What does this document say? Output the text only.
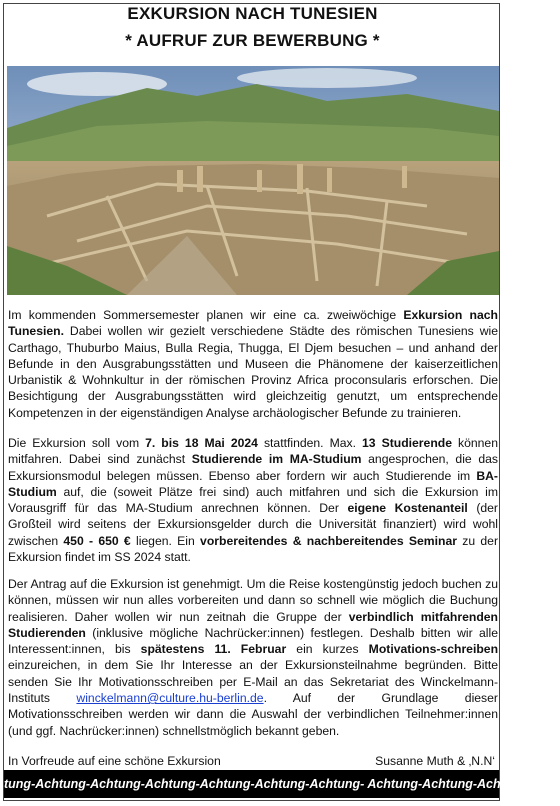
EXKURSION NACH TUNESIEN
* AUFRUF ZUR BEWERBUNG *

Im kommenden Sommersemester planen wir eine ca. zweiwöchige Exkursion nach Tunesien. Dabei wollen wir gezielt verschiedene Städte des römischen Tunesiens wie Carthago, Thuburbo Maius, Bulla Regia, Thugga, El Djem besuchen – und anhand der Befunde in den Ausgrabungsstätten und Museen die Phänomene der kaiserzeitlichen Urbanistik & Wohnkultur in der römischen Provinz Africa proconsularis erforschen. Die Besichtigung der Ausgrabungsstätten wird gleichzeitig genutzt, um entsprechende Kompetenzen in der eigenständigen Analyse archäologischer Befunde zu trainieren.

Die Exkursion soll vom 7. bis 18 Mai 2024 stattfinden. Max. 13 Studierende können mitfahren. Dabei sind zunächst Studierende im MA-Studium angesprochen, die das Exkursionsmodul belegen müssen. Ebenso aber fordern wir auch Studierende im BA-Studium auf, die (soweit Plätze frei sind) auch mitfahren und sich die Exkursion im Vorausgriff für das MA-Studium anrechnen können. Der eigene Kostenanteil (der Großteil wird seitens der Exkursionsgelder durch die Universität finanziert) wird wohl zwischen 450 - 650 € liegen. Ein vorbereitendes & nachbereitendes Seminar zu der Exkursion findet im SS 2024 statt.

Der Antrag auf die Exkursion ist genehmigt. Um die Reise kostengünstig jedoch buchen zu können, müssen wir nun alles vorbereiten und dann so schnell wie möglich die Buchung realisieren. Daher wollen wir nun zeitnah die Gruppe der verbindlich mitfahrenden Studierenden (inklusive mögliche Nachrücker:innen) festlegen. Deshalb bitten wir alle Interessent:innen, bis spätestens 11. Februar ein kurzes Motivations-schreiben einzureichen, in dem Sie Ihr Interesse an der Exkursionsteilnahme begründen. Bitte senden Sie Ihr Motivationsschreiben per E-Mail an das Sekretariat des Winckelmann-Instituts winckelmann@culture.hu-berlin.de. Auf der Grundlage dieser Motivationsschreiben werden wir dann die Auswahl der verbindlichen Teilnehmer:innen (und ggf. Nachrücker:innen) schnellstmöglich bekannt geben.

In Vorfreude auf eine schöne Exkursion	Susanne Muth & ‚N.N‘
tung-Achtung-Achtung-Achtung-Achtung-Achtung-Achtung- Achtung-Achtung-Achtung-Acht
